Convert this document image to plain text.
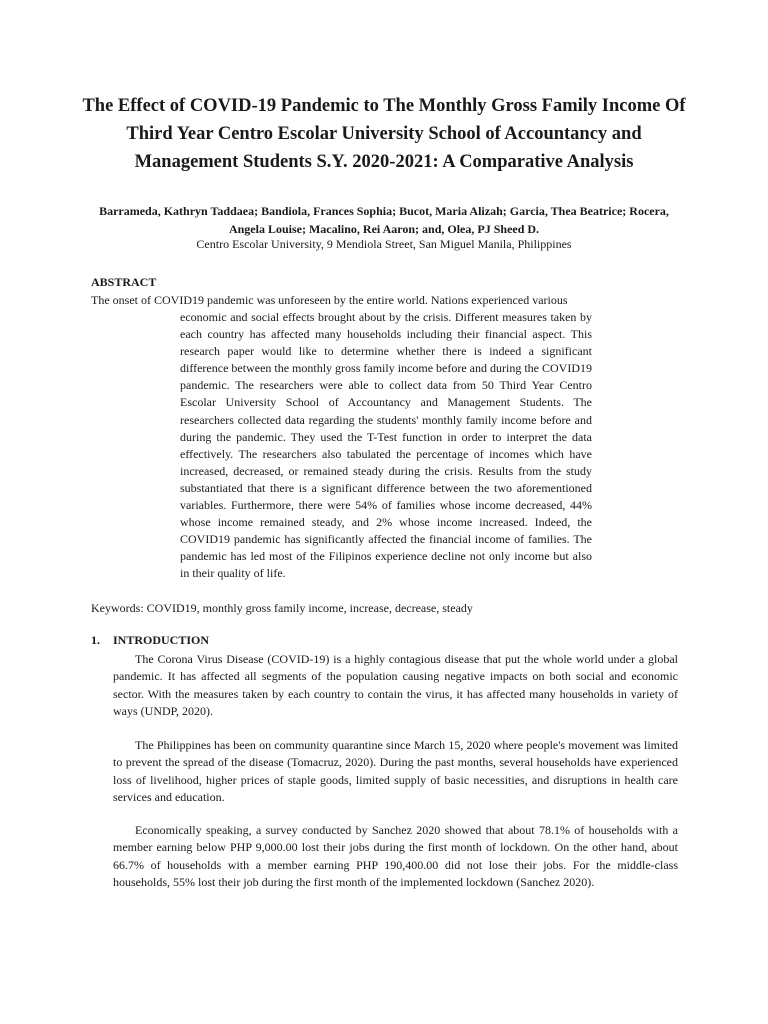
The Effect of COVID-19 Pandemic to The Monthly Gross Family Income Of Third Year Centro Escolar University School of Accountancy and Management Students S.Y. 2020-2021: A Comparative Analysis

Barrameda, Kathryn Taddaea; Bandiola, Frances Sophia; Bucot, Maria Alizah; Garcia, Thea Beatrice; Rocera, Angela Louise; Macalino, Rei Aaron; and, Olea, PJ Sheed D.

Centro Escolar University, 9 Mendiola Street, San Miguel Manila, Philippines

ABSTRACT

The onset of COVID19 pandemic was unforeseen by the entire world. Nations experienced various

economic and social effects brought about by the crisis. Different measures taken by each country has affected many households including their financial aspect. This research paper would like to determine whether there is indeed a significant difference between the monthly gross family income before and during the COVID19 pandemic. The researchers were able to collect data from 50 Third Year Centro Escolar University School of Accountancy and Management Students. The researchers collected data regarding the students' monthly family income before and during the pandemic. They used the T-Test function in order to interpret the data effectively. The researchers also tabulated the percentage of incomes which have increased, decreased, or remained steady during the crisis. Results from the study substantiated that there is a significant difference between the two aforementioned variables. Furthermore, there were 54% of families whose income decreased, 44% whose income remained steady, and 2% whose income increased. Indeed, the COVID19 pandemic has significantly affected the financial income of families. The pandemic has led most of the Filipinos experience decline not only income but also in their quality of life.

Keywords: COVID19, monthly gross family income, increase, decrease, steady

1. INTRODUCTION

The Corona Virus Disease (COVID-19) is a highly contagious disease that put the whole world under a global pandemic. It has affected all segments of the population causing negative impacts on both social and economic sector. With the measures taken by each country to contain the virus, it has affected many households in variety of ways (UNDP, 2020).

The Philippines has been on community quarantine since March 15, 2020 where people's movement was limited to prevent the spread of the disease (Tomacruz, 2020). During the past months, several households have experienced loss of livelihood, higher prices of staple goods, limited supply of basic necessities, and disruptions in health care services and education.

Economically speaking, a survey conducted by Sanchez 2020 showed that about 78.1% of households with a member earning below PHP 9,000.00 lost their jobs during the first month of lockdown. On the other hand, about 66.7% of households with a member earning PHP 190,400.00 did not lose their jobs. For the middle-class households, 55% lost their job during the first month of the implemented lockdown (Sanchez 2020).
